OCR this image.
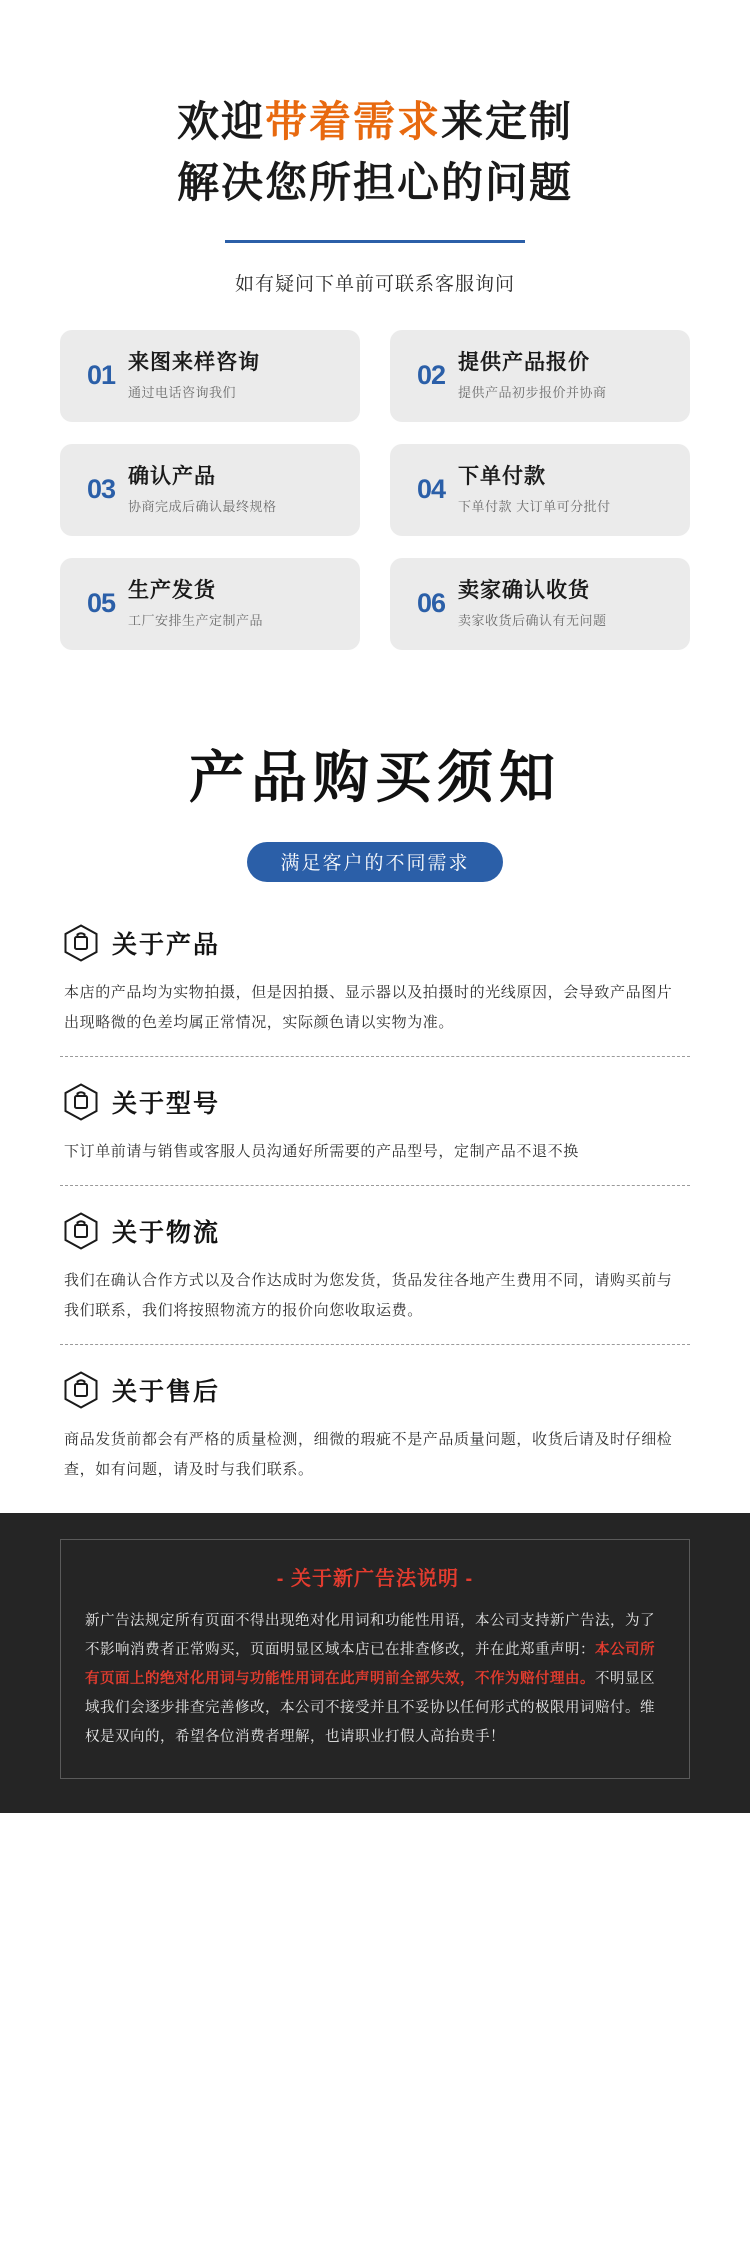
欢迎带着需求来定制
解决您所担心的问题
如有疑问下单前可联系客服询问
01 来图来样咨询
通过电话咨询我们
02 提供产品报价
提供产品初步报价并协商
03 确认产品
协商完成后确认最终规格
04 下单付款
下单付款 大订单可分批付
05 生产发货
工厂安排生产定制产品
06 卖家确认收货
卖家收货后确认有无问题
产品购买须知
满足客户的不同需求
关于产品
本店的产品均为实物拍摄，但是因拍摄、显示器以及拍摄时的光线原因，会导致产品图片出现略微的色差均属正常情况，实际颜色请以实物为准。
关于型号
下订单前请与销售或客服人员沟通好所需要的产品型号，定制产品不退不换
关于物流
我们在确认合作方式以及合作达成时为您发货，货品发往各地产生费用不同，请购买前与我们联系，我们将按照物流方的报价向您收取运费。
关于售后
商品发货前都会有严格的质量检测，细微的瑕疵不是产品质量问题，收货后请及时仔细检查，如有问题，请及时与我们联系。
- 关于新广告法说明 -
新广告法规定所有页面不得出现绝对化用词和功能性用语，本公司支持新广告法，为了不影响消费者正常购买，页面明显区域本店已在排查修改，并在此郑重声明：本公司所有页面上的绝对化用词与功能性用词在此声明前全部失效，不作为赔付理由。不明显区域我们会逐步排查完善修改，本公司不接受并且不妥协以任何形式的极限用词赔付。维权是双向的，希望各位消费者理解，也请职业打假人高抬贵手！
